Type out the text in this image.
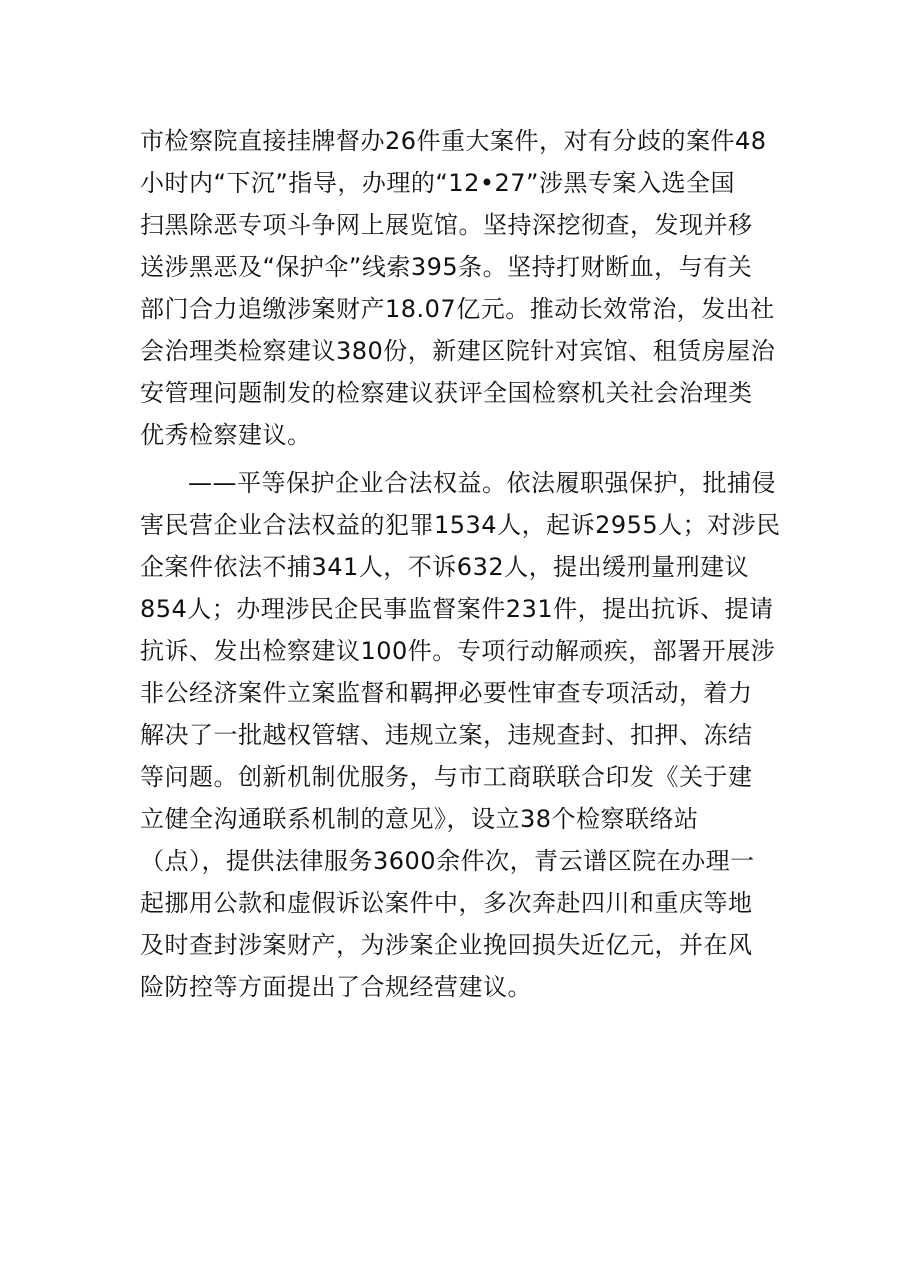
市检察院直接挂牌督办26件重大案件，对有分歧的案件48
小时内“下沉”指导，办理的“12•27”涉黑专案入选全国
扫黑除恶专项斗争网上展览馆。坚持深挖彻查，发现并移
送涉黑恶及“保护伞”线索395条。坚持打财断血，与有关
部门合力追缴涉案财产18.07亿元。推动长效常治，发出社
会治理类检察建议380份，新建区院针对宾馆、租赁房屋治
安管理问题制发的检察建议获评全国检察机关社会治理类
优秀检察建议。
——平等保护企业合法权益。依法履职强保护，批捕侵
害民营企业合法权益的犯罪1534人，起诉2955人；对涉民
企案件依法不捕341人，不诉632人，提出缓刑量刑建议
854人；办理涉民企民事监督案件231件，提出抗诉、提请
抗诉、发出检察建议100件。专项行动解顽疾，部署开展涉
非公经济案件立案监督和羁押必要性审查专项活动，着力
解决了一批越权管辖、违规立案，违规查封、扣押、冻结
等问题。创新机制优服务，与市工商联联合印发《关于建
立健全沟通联系机制的意见》，设立38个检察联络站
（点），提供法律服务3600余件次，青云谱区院在办理一
起挪用公款和虚假诉讼案件中，多次奔赴四川和重庆等地
及时查封涉案财产，为涉案企业挽回损失近亿元，并在风
险防控等方面提出了合规经营建议。
